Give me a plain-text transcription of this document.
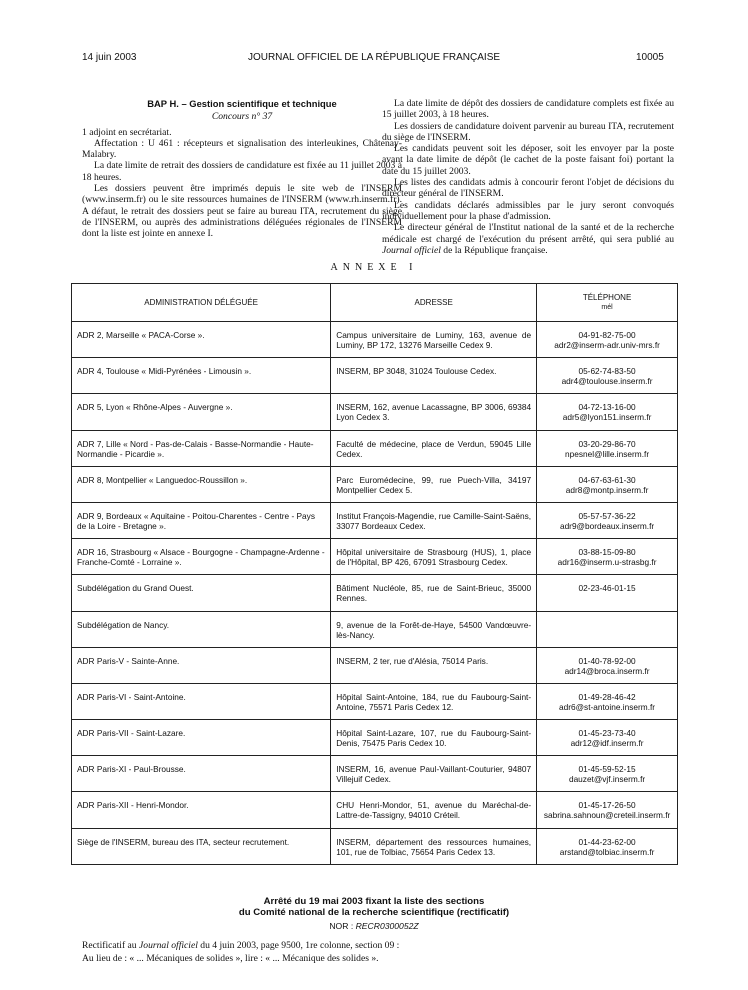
14 juin 2003	JOURNAL OFFICIEL DE LA RÉPUBLIQUE FRANÇAISE	10005
BAP H. – Gestion scientifique et technique
Concours n° 37

1 adjoint en secrétariat.

Affectation : U 461 : récepteurs et signalisation des interleukines, Châtenay-Malabry.

La date limite de retrait des dossiers de candidature est fixée au 11 juillet 2003 à 18 heures.

Les dossiers peuvent être imprimés depuis le site web de l'INSERM (www.inserm.fr) ou le site ressources humaines de l'INSERM (www.rh.inserm.fr). A défaut, le retrait des dossiers peut se faire au bureau ITA, recrutement du siège de l'INSERM, ou auprès des administrations déléguées régionales de l'INSERM dont la liste est jointe en annexe I.

La date limite de dépôt des dossiers de candidature complets est fixée au 15 juillet 2003, à 18 heures.

Les dossiers de candidature doivent parvenir au bureau ITA, recrutement du siège de l'INSERM.

Les candidats peuvent soit les déposer, soit les envoyer par la poste avant la date limite de dépôt (le cachet de la poste faisant foi) portant la date du 15 juillet 2003.

Les listes des candidats admis à concourir feront l'objet de décisions du directeur général de l'INSERM.

Les candidats déclarés admissibles par le jury seront convoqués individuellement pour la phase d'admission.

Le directeur général de l'Institut national de la santé et de la recherche médicale est chargé de l'exécution du présent arrêté, qui sera publié au Journal officiel de la République française.

ANNEXE I
ADMINISTRATION DÉLÉGUÉE	ADRESSE	TÉLÉPHONE
mél

ADR 2, Marseille « PACA-Corse ».	Campus universitaire de Luminy, 163, avenue de Luminy, BP 172, 13276 Marseille Cedex 9.	04-91-82-75-00
adr2@inserm-adr.univ-mrs.fr

ADR 4, Toulouse « Midi-Pyrénées - Limousin ».	INSERM, BP 3048, 31024 Toulouse Cedex.	05-62-74-83-50
adr4@toulouse.inserm.fr

ADR 5, Lyon « Rhône-Alpes - Auvergne ».	INSERM, 162, avenue Lacassagne, BP 3006, 69384 Lyon Cedex 3.	04-72-13-16-00
adr5@lyon151.inserm.fr

ADR 7, Lille « Nord - Pas-de-Calais - Basse-Normandie - Haute-Normandie - Picardie ».	Faculté de médecine, place de Verdun, 59045 Lille Cedex.	03-20-29-86-70
npesnel@lille.inserm.fr

ADR 8, Montpellier « Languedoc-Roussillon ».	Parc Euromédecine, 99, rue Puech-Villa, 34197 Montpellier Cedex 5.	04-67-63-61-30
adr8@montp.inserm.fr

ADR 9, Bordeaux « Aquitaine - Poitou-Charentes - Centre - Pays de la Loire - Bretagne ».	Institut François-Magendie, rue Camille-Saint-Saëns, 33077 Bordeaux Cedex.	05-57-57-36-22
adr9@bordeaux.inserm.fr

ADR 16, Strasbourg « Alsace - Bourgogne - Champagne-Ardenne - Franche-Comté - Lorraine ».	Hôpital universitaire de Strasbourg (HUS), 1, place de l'Hôpital, BP 426, 67091 Strasbourg Cedex.	03-88-15-09-80
adr16@inserm.u-strasbg.fr

Subdélégation du Grand Ouest.	Bâtiment Nucléole, 85, rue de Saint-Brieuc, 35000 Rennes.	02-23-46-01-15

Subdélégation de Nancy.	9, avenue de la Forêt-de-Haye, 54500 Vandœuvre-lès-Nancy.	

ADR Paris-V - Sainte-Anne.	INSERM, 2 ter, rue d'Alésia, 75014 Paris.	01-40-78-92-00
adr14@broca.inserm.fr

ADR Paris-VI - Saint-Antoine.	Hôpital Saint-Antoine, 184, rue du Faubourg-Saint-Antoine, 75571 Paris Cedex 12.	01-49-28-46-42
adr6@st-antoine.inserm.fr

ADR Paris-VII - Saint-Lazare.	Hôpital Saint-Lazare, 107, rue du Faubourg-Saint-Denis, 75475 Paris Cedex 10.	01-45-23-73-40
adr12@idf.inserm.fr

ADR Paris-XI - Paul-Brousse.	INSERM, 16, avenue Paul-Vaillant-Couturier, 94807 Villejuif Cedex.	01-45-59-52-15
dauzet@vjf.inserm.fr

ADR Paris-XII - Henri-Mondor.	CHU Henri-Mondor, 51, avenue du Maréchal-de-Lattre-de-Tassigny, 94010 Créteil.	01-45-17-26-50
sabrina.sahnoun@creteil.inserm.fr

Siège de l'INSERM, bureau des ITA, secteur recrutement.	INSERM, département des ressources humaines, 101, rue de Tolbiac, 75654 Paris Cedex 13.	01-44-23-62-00
arstand@tolbiac.inserm.fr
Arrêté du 19 mai 2003 fixant la liste des sections
du Comité national de la recherche scientifique (rectificatif)
NOR : RECR0300052Z
Rectificatif au Journal officiel du 4 juin 2003, page 9500, 1re colonne, section 09 :
Au lieu de : « ... Mécaniques de solides », lire : « ... Mécanique des solides ».
